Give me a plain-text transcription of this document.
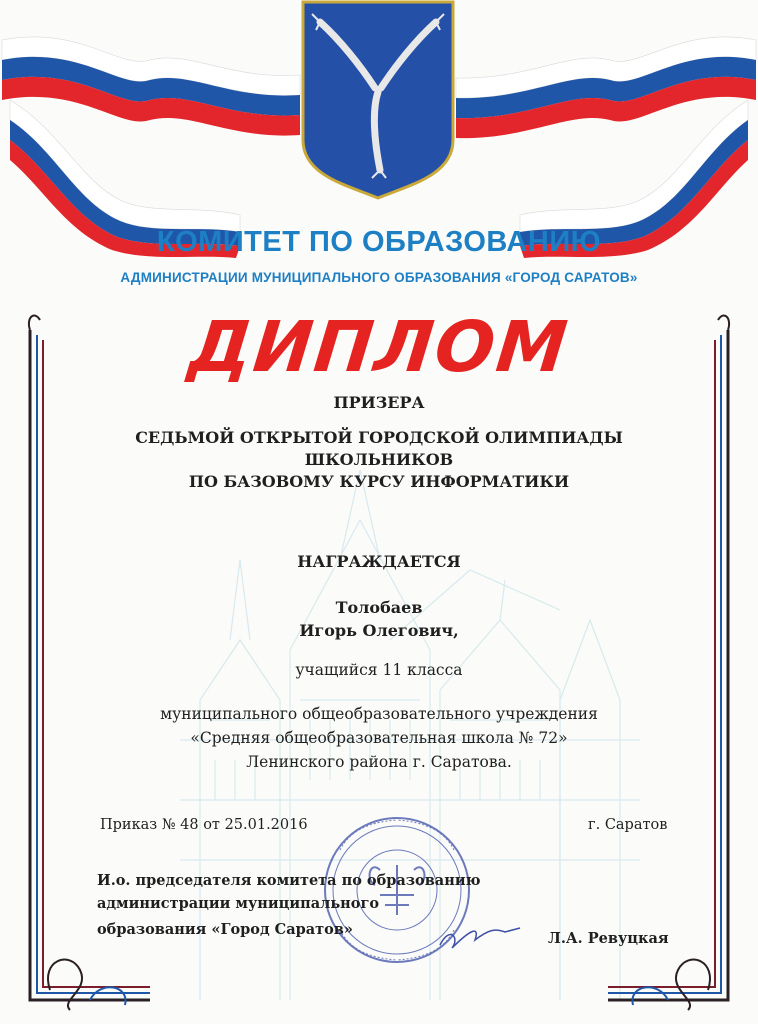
КОМИТЕТ ПО ОБРАЗОВАНИЮ
АДМИНИСТРАЦИИ МУНИЦИПАЛЬНОГО ОБРАЗОВАНИЯ «ГОРОД САРАТОВ»
ДИПЛОМ
ПРИЗЕРА
СЕДЬМОЙ ОТКРЫТОЙ ГОРОДСКОЙ ОЛИМПИАДЫ
ШКОЛЬНИКОВ
ПО БАЗОВОМУ КУРСУ ИНФОРМАТИКИ
НАГРАЖДАЕТСЯ
Толобаев
Игорь Олегович,
учащийся 11 класса
муниципального общеобразовательного учреждения
«Средняя общеобразовательная школа № 72»
Ленинского района г. Саратова.
Приказ № 48 от 25.01.2016	г. Саратов
И.о. председателя комитета по образованию
администрации муниципального
образования «Город Саратов»
Л.А. Ревуцкая
